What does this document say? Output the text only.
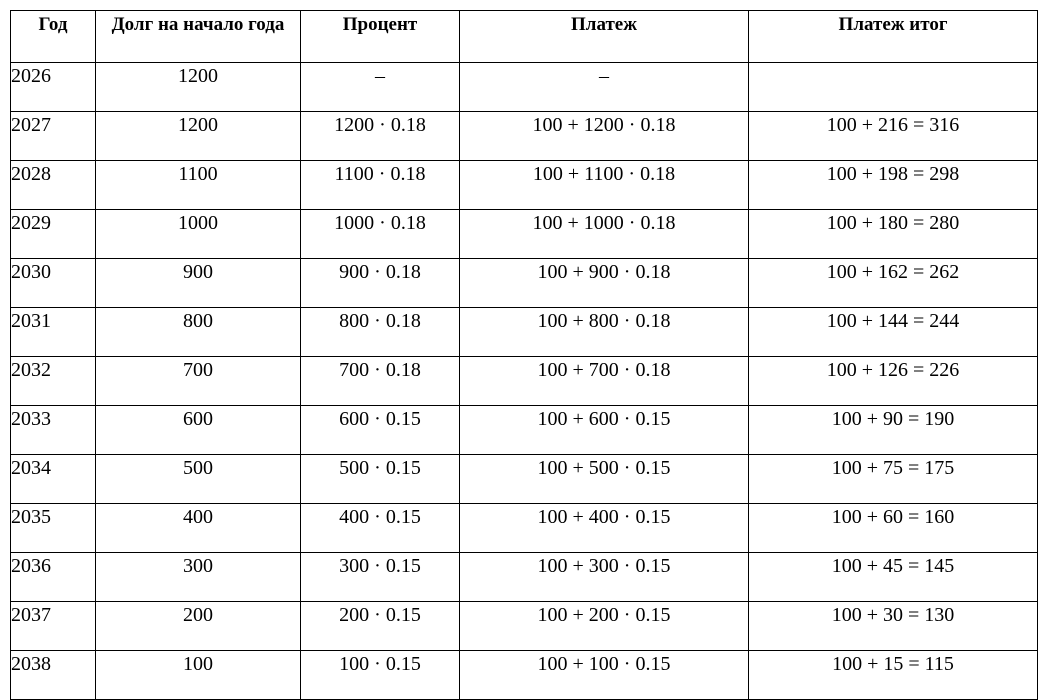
Год	Долг на начало года	Процент	Платеж	Платеж итог
2026	1200	–	–	
2027	1200	1200 · 0.18	100 + 1200 · 0.18	100 + 216 = 316
2028	1100	1100 · 0.18	100 + 1100 · 0.18	100 + 198 = 298
2029	1000	1000 · 0.18	100 + 1000 · 0.18	100 + 180 = 280
2030	900	900 · 0.18	100 + 900 · 0.18	100 + 162 = 262
2031	800	800 · 0.18	100 + 800 · 0.18	100 + 144 = 244
2032	700	700 · 0.18	100 + 700 · 0.18	100 + 126 = 226
2033	600	600 · 0.15	100 + 600 · 0.15	100 + 90 = 190
2034	500	500 · 0.15	100 + 500 · 0.15	100 + 75 = 175
2035	400	400 · 0.15	100 + 400 · 0.15	100 + 60 = 160
2036	300	300 · 0.15	100 + 300 · 0.15	100 + 45 = 145
2037	200	200 · 0.15	100 + 200 · 0.15	100 + 30 = 130
2038	100	100 · 0.15	100 + 100 · 0.15	100 + 15 = 115
